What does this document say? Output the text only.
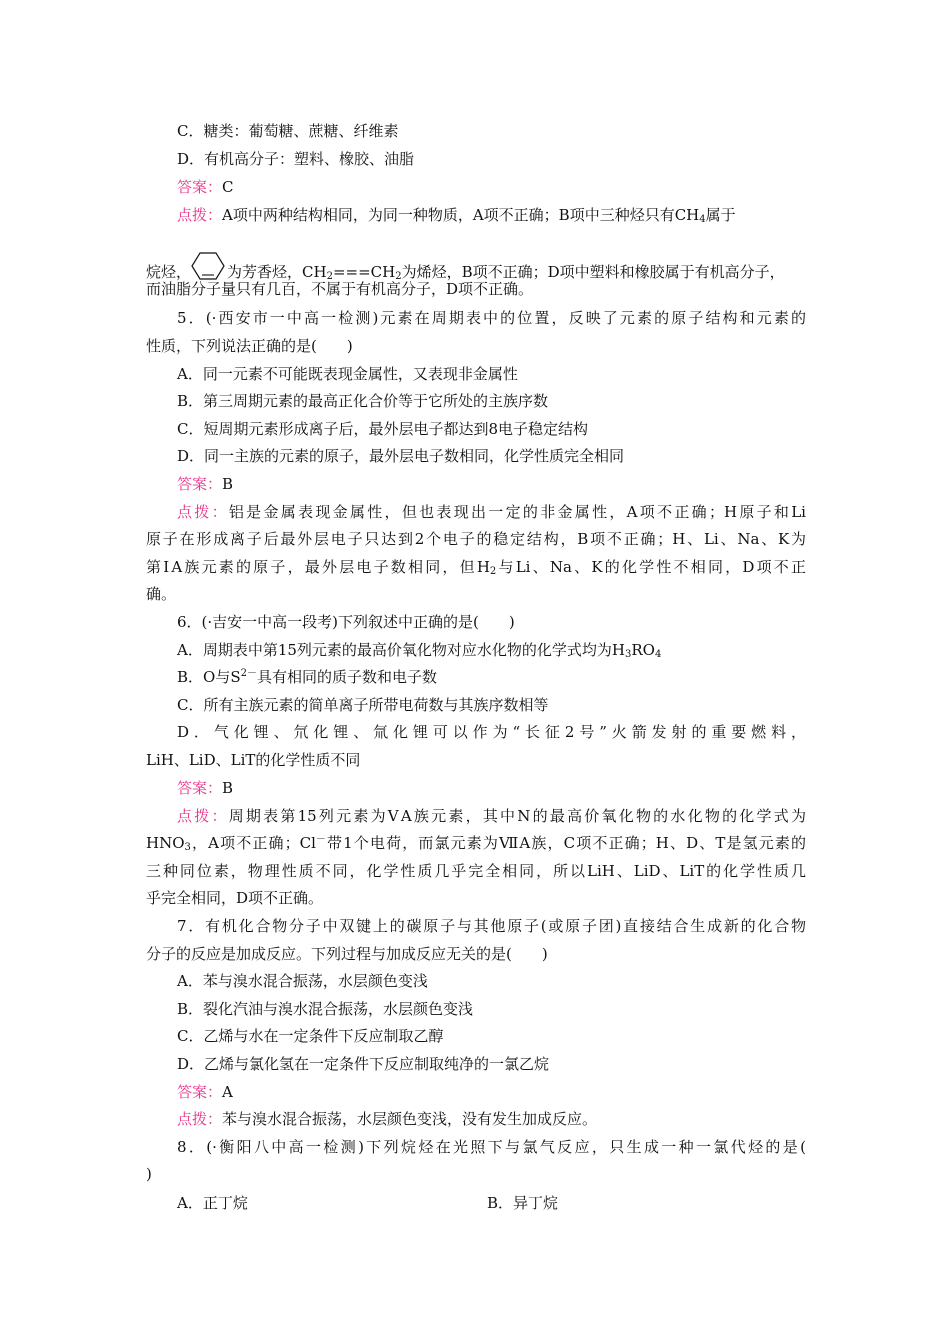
C．糖类：葡萄糖、蔗糖、纤维素
D．有机高分子：塑料、橡胶、油脂
答案：C
点拨：A项中两种结构相同，为同一种物质，A项不正确；B项中三种烃只有$CH_4$属于
烷烃， 为芳香烃，$CH_2===CH_2$为烯烃，B项不正确；D项中塑料和橡胶属于有机高分子，
而油脂分子量只有几百，不属于有机高分子，D项不正确。
5．(·西安市一中高一检测)元素在周期表中的位置，反映了元素的原子结构和元素的
性质，下列说法正确的是(　　)
A．同一元素不可能既表现金属性，又表现非金属性
B．第三周期元素的最高正化合价等于它所处的主族序数
C．短周期元素形成离子后，最外层电子都达到8电子稳定结构
D．同一主族的元素的原子，最外层电子数相同，化学性质完全相同
答案：B
点拨：铝是金属表现金属性，但也表现出一定的非金属性，A项不正确；H原子和Li
原子在形成离子后最外层电子只达到2个电子的稳定结构，B项不正确；H、Li、Na、K为
第ⅠA族元素的原子，最外层电子数相同，但$H_2$与Li、Na、K的化学性不相同，D项不正
确。
6．(·吉安一中高一段考)下列叙述中正确的是(　　)
A．周期表中第15列元素的最高价氧化物对应水化物的化学式均为$H_3RO_4$
B．O与$S^{2-}$具有相同的质子数和电子数
C．所有主族元素的简单离子所带电荷数与其族序数相等
D．气化锂、氘化锂、氚化锂可以作为“长征2号”火箭发射的重要燃料，
LiH、LiD、LiT的化学性质不同
答案：B
点拨：周期表第15列元素为ⅤA族元素，其中N的最高价氧化物的水化物的化学式为
$HNO_3$，A项不正确；Cl－带1个电荷，而氯元素为ⅦA族，C项不正确；H、D、T是氢元素的
三种同位素，物理性质不同，化学性质几乎完全相同，所以LiH、LiD、LiT的化学性质几
乎完全相同，D项不正确。
7．有机化合物分子中双键上的碳原子与其他原子(或原子团)直接结合生成新的化合物
分子的反应是加成反应。下列过程与加成反应无关的是(　　)
A．苯与溴水混合振荡，水层颜色变浅
B．裂化汽油与溴水混合振荡，水层颜色变浅
C．乙烯与水在一定条件下反应制取乙醇
D．乙烯与氯化氢在一定条件下反应制取纯净的一氯乙烷
答案：A
点拨：苯与溴水混合振荡，水层颜色变浅，没有发生加成反应。
8．(·衡阳八中高一检测)下列烷烃在光照下与氯气反应，只生成一种一氯代烃的是(
)
A．正丁烷	B．异丁烷
